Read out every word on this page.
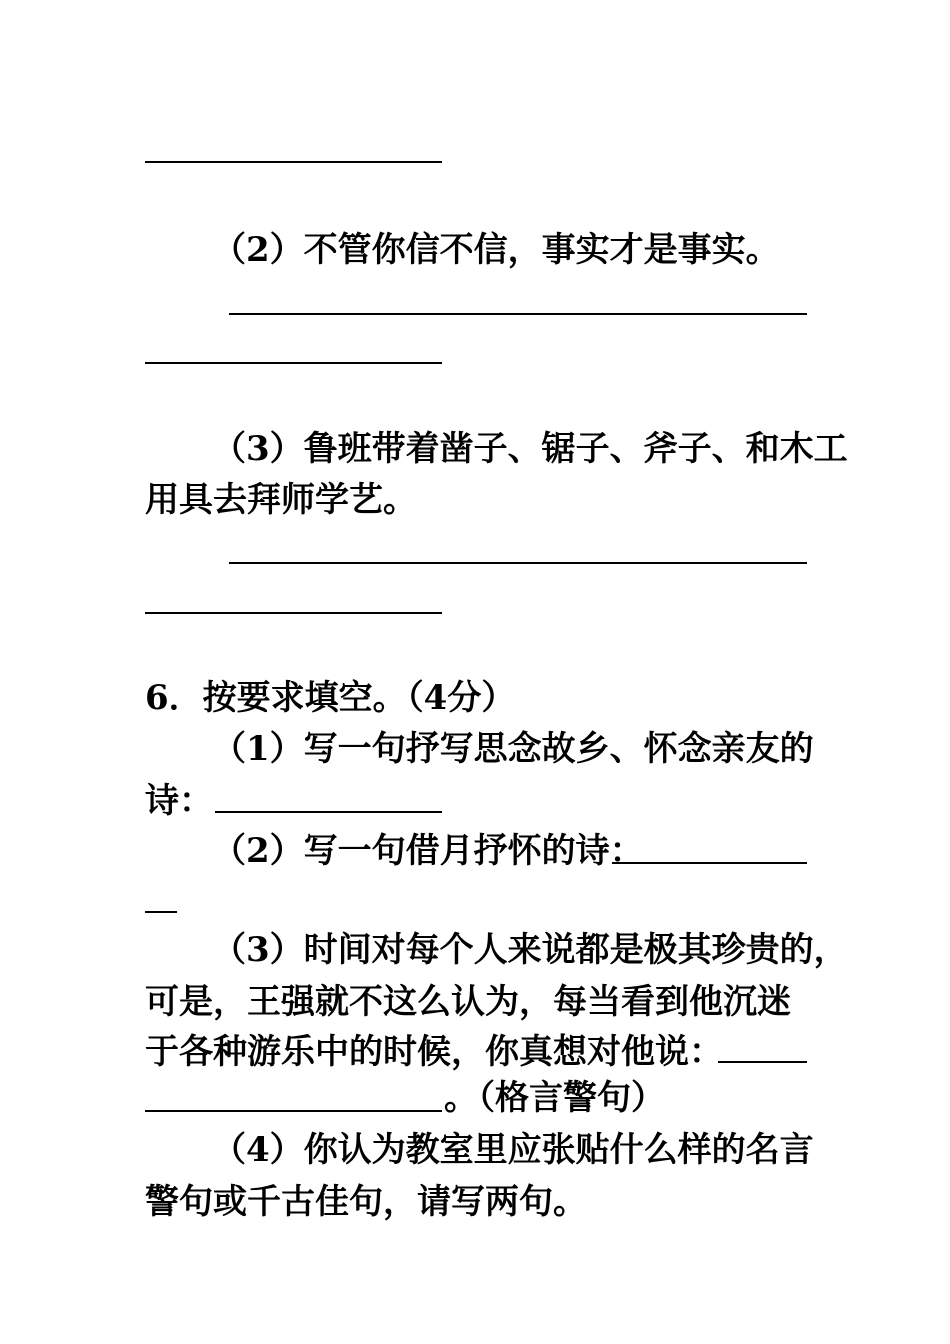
（2）不管你信不信，事实才是事实。
（3）鲁班带着凿子、锯子、斧子、和木工
用具去拜师学艺。
6．按要求填空。（4分）
（1）写一句抒写思念故乡、怀念亲友的
诗：
（2）写一句借月抒怀的诗：
（3）时间对每个人来说都是极其珍贵的，
可是，王强就不这么认为，每当看到他沉迷
于各种游乐中的时候，你真想对他说：
。（格言警句）
（4）你认为教室里应张贴什么样的名言
警句或千古佳句，请写两句。
